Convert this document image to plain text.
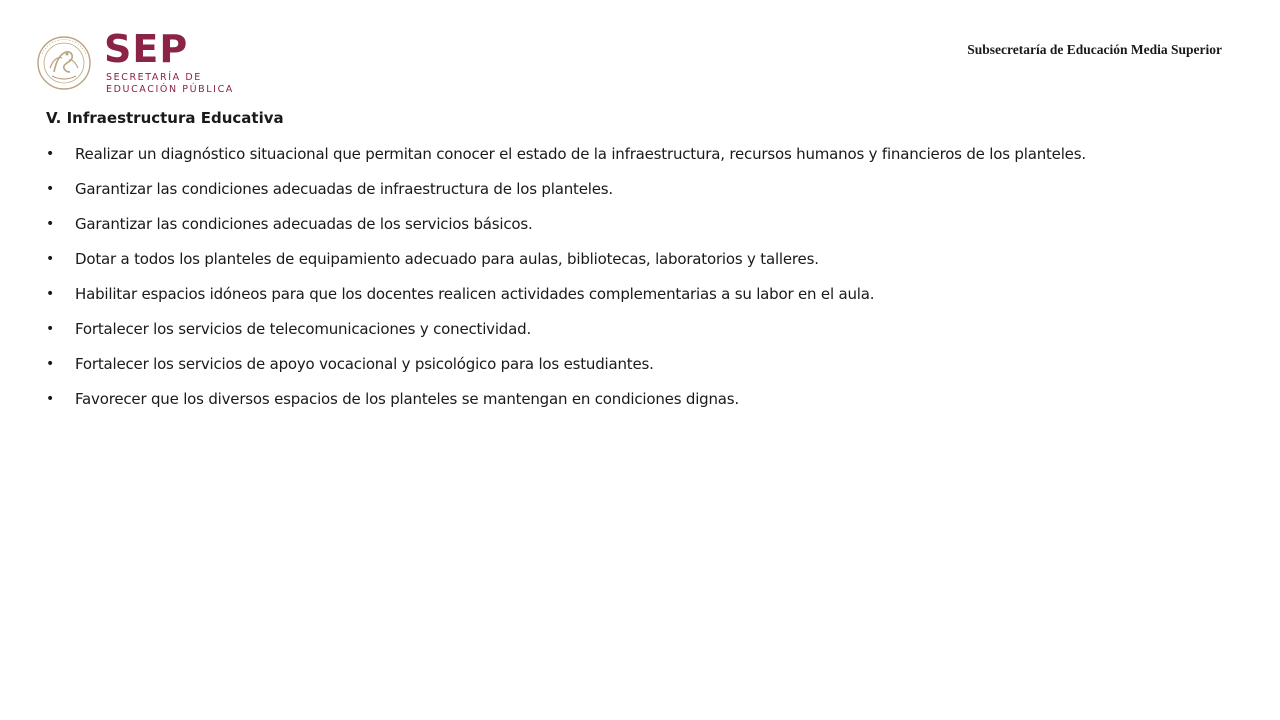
SEP
SECRETARÍA DE
EDUCACIÓN PÚBLICA
Subsecretaría de Educación Media Superior
V. Infraestructura Educativa
• Realizar un diagnóstico situacional que permitan conocer el estado de la infraestructura, recursos humanos y financieros de los planteles.
• Garantizar las condiciones adecuadas de infraestructura de los planteles.
• Garantizar las condiciones adecuadas de los servicios básicos.
• Dotar a todos los planteles de equipamiento adecuado para aulas, bibliotecas, laboratorios y talleres.
• Habilitar espacios idóneos para que los docentes realicen actividades complementarias a su labor en el aula.
• Fortalecer los servicios de telecomunicaciones y conectividad.
• Fortalecer los servicios de apoyo vocacional y psicológico para los estudiantes.
• Favorecer que los diversos espacios de los planteles se mantengan en condiciones dignas.
